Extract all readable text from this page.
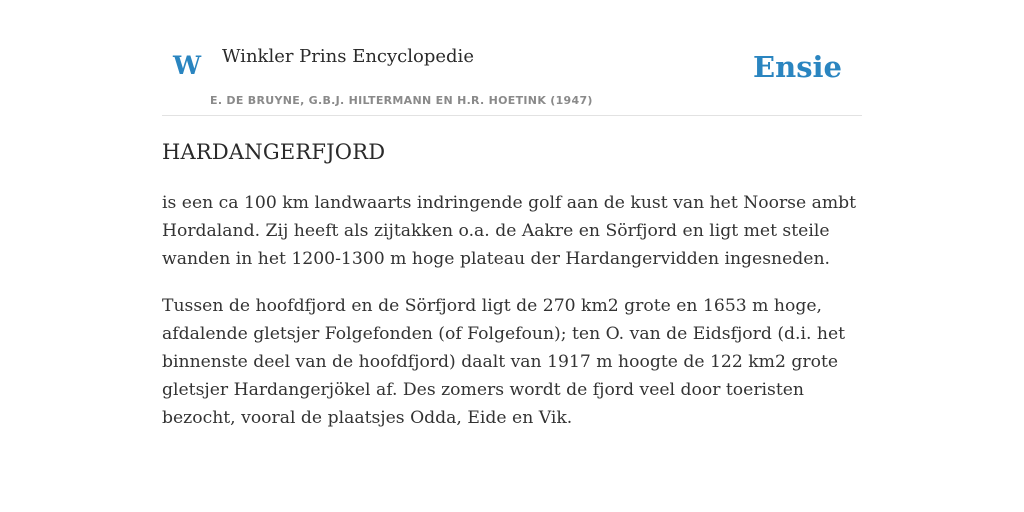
W Winkler Prins Encyclopedie
E. DE BRUYNE, G.B.J. HILTERMANN EN H.R. HOETINK (1947)
Ensie
HARDANGERFJORD

is een ca 100 km landwaarts indringende golf aan de kust van het Noorse ambt Hordaland. Zij heeft als zijtakken o.a. de Aakre en Sörfjord en ligt met steile wanden in het 1200-1300 m hoge plateau der Hardangervidden ingesneden.

Tussen de hoofdfjord en de Sörfjord ligt de 270 km2 grote en 1653 m hoge, afdalende gletsjer Folgefonden (of Folgefoun); ten O. van de Eidsfjord (d.i. het binnenste deel van de hoofdfjord) daalt van 1917 m hoogte de 122 km2 grote gletsjer Hardangerjökel af. Des zomers wordt de fjord veel door toeristen bezocht, vooral de plaatsjes Odda, Eide en Vik.
